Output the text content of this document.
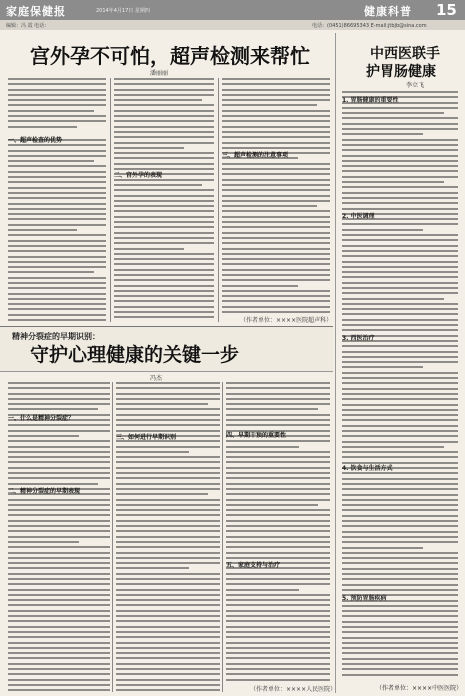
家庭保健报	2014年4月17日 星期四	健康科普 15
编辑：冯 霞 电话：	电话：(0451)86695343 E-mail:jtbjb@sina.com
宫外孕不可怕，超声检测来帮忙
潘丽丽
一、超声检查的优势
二、宫外孕的表现
三、超声检测的注意事项
（作者单位：××××医院超声科）
精神分裂症的早期识别：
守护心理健康的关键一步
冯杰
一、什么是精神分裂症？
二、精神分裂症的早期表现
三、如何进行早期识别	四、早期干预的重要性
五、家庭支持与治疗
（作者单位：××××人民医院）
中西医联手
护胃肠健康
李立飞
1. 胃肠健康的重要性
2. 中医调理
3. 西医治疗
4. 饮食与生活方式
5. 预防胃肠疾病
（作者单位：××××中医医院）
